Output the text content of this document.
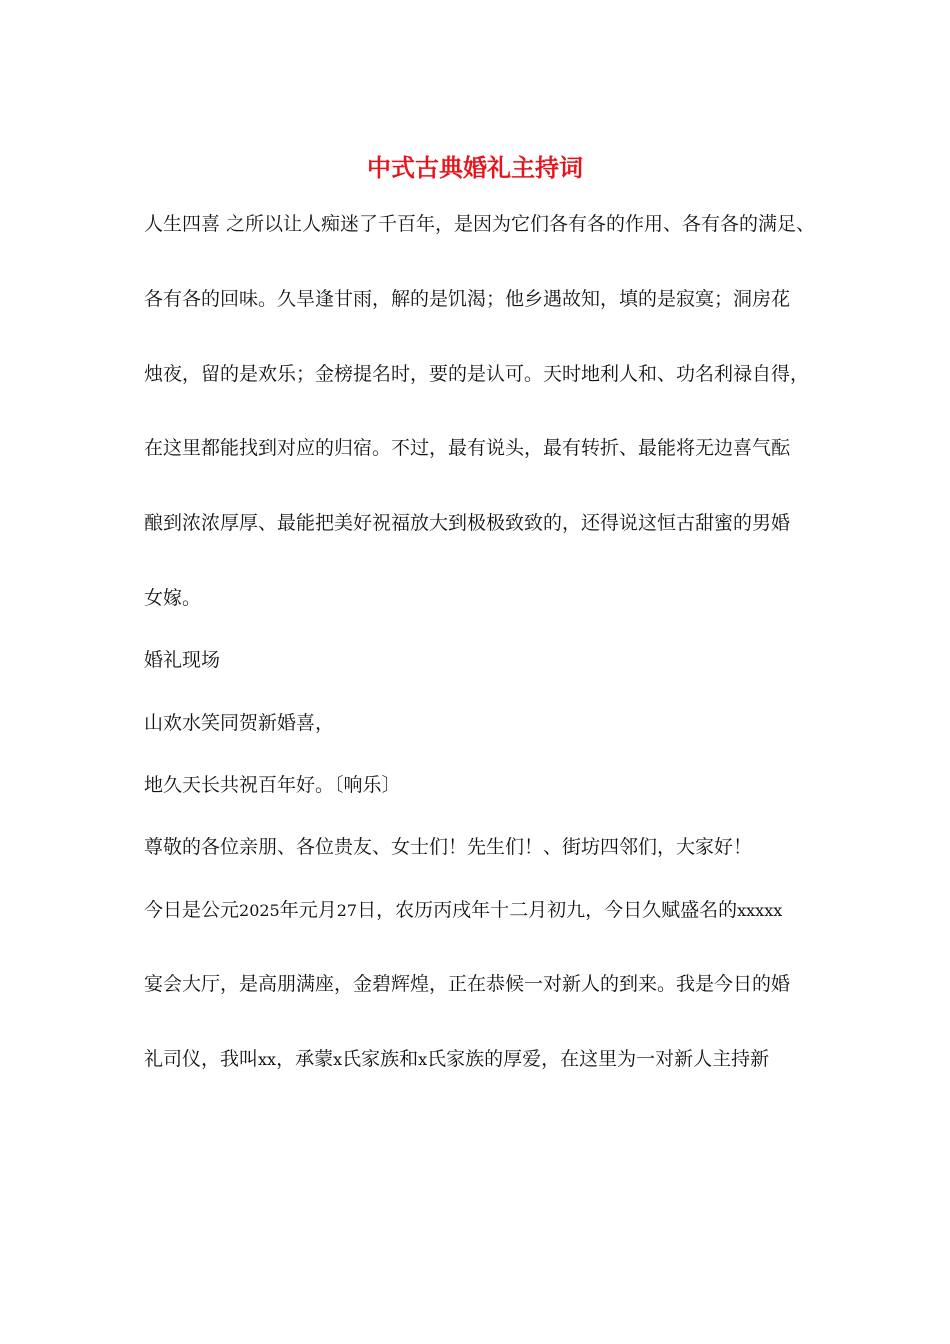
中式古典婚礼主持词
人生四喜 之所以让人痴迷了千百年，是因为它们各有各的作用、各有各的满足、
各有各的回味。久旱逢甘雨，解的是饥渴；他乡遇故知，填的是寂寞；洞房花
烛夜，留的是欢乐；金榜提名时，要的是认可。天时地利人和、功名利禄自得，
在这里都能找到对应的归宿。不过，最有说头，最有转折、最能将无边喜气酝
酿到浓浓厚厚、最能把美好祝福放大到极极致致的，还得说这恒古甜蜜的男婚
女嫁。
婚礼现场
山欢水笑同贺新婚喜，
地久天长共祝百年好。〔响乐〕
尊敬的各位亲朋、各位贵友、女士们！先生们！、街坊四邻们，大家好！
今日是公元2025年元月27日，农历丙戌年十二月初九，今日久赋盛名的xxxxx
宴会大厅，是高朋满座，金碧辉煌，正在恭候一对新人的到来。我是今日的婚
礼司仪，我叫xx，承蒙x氏家族和x氏家族的厚爱，在这里为一对新人主持新
